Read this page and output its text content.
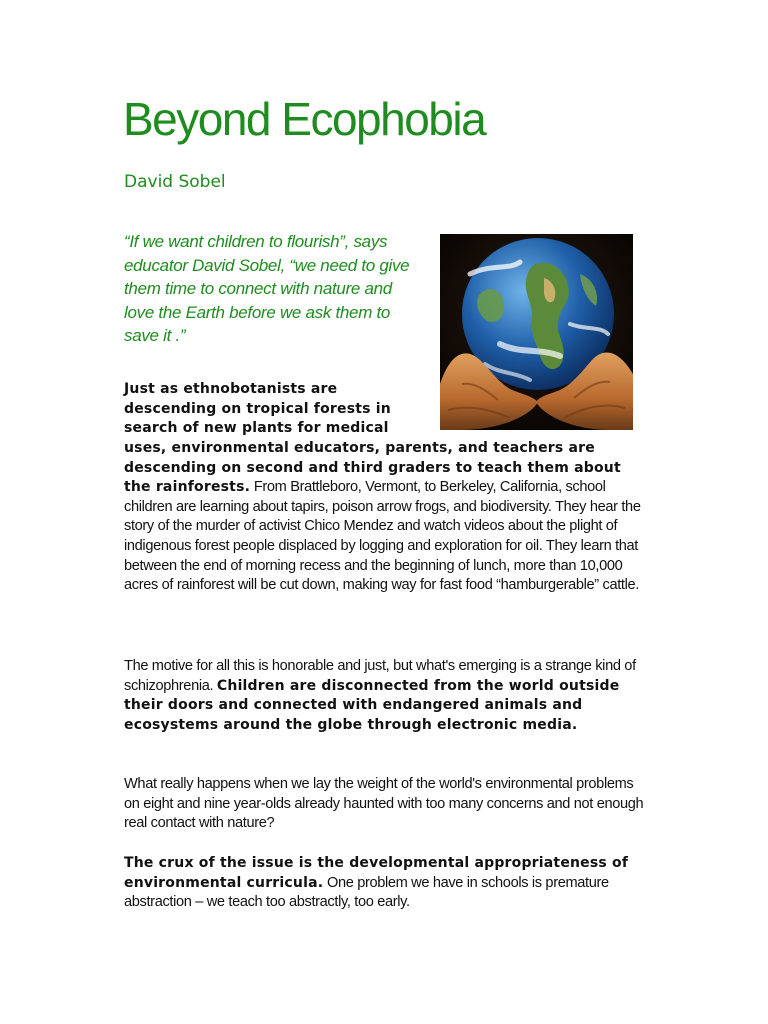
Beyond Ecophobia
David Sobel
“If we want children to flourish”, says educator David Sobel, “we need to give them time to connect with nature and love the Earth before we ask them to save it .”

Just as ethnobotanists are descending on tropical forests in search of new plants for medical

uses, environmental educators, parents, and teachers are descending on second and third graders to teach them about the rainforests. From Brattleboro, Vermont, to Berkeley, California, school children are learning about tapirs, poison arrow frogs, and biodiversity. They hear the story of the murder of activist Chico Mendez and watch videos about the plight of indigenous forest people displaced by logging and exploration for oil. They learn that between the end of morning recess and the beginning of lunch, more than 10,000 acres of rainforest will be cut down, making way for fast food “hamburgerable” cattle.

The motive for all this is honorable and just, but what's emerging is a strange kind of schizophrenia. Children are disconnected from the world outside their doors and connected with endangered animals and ecosystems around the globe through electronic media.

What really happens when we lay the weight of the world's environmental problems on eight and nine year-olds already haunted with too many concerns and not enough real contact with nature?

The crux of the issue is the developmental appropriateness of environmental curricula. One problem we have in schools is premature abstraction – we teach too abstractly, too early.
